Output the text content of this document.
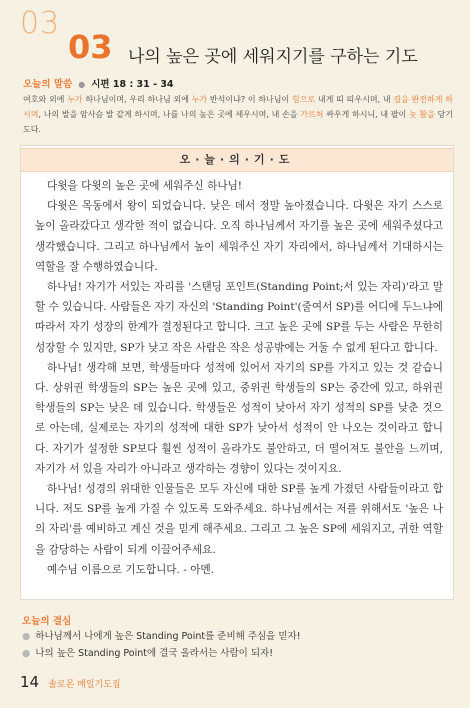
03
03 나의 높은 곳에 세워지기를 구하는 기도
오늘의 말씀 ● 시편 18 : 31 - 34
여호와 외에 누가 하나님이며, 우리 하나님 외에 누가 반석이냐? 이 하나님이 힘으로 내게 띠 띠우시며, 내 길을 완전하게 하시며, 나의 발을 암사슴 발 같게 하시며, 나를 나의 높은 곳에 세우시며, 내 손을 가르쳐 싸우게 하시니, 내 팔이 놋 활을 당기도다.
오·늘·의·기·도

다윗을 다윗의 높은 곳에 세워주신 하나님!

다윗은 목동에서 왕이 되었습니다. 낮은 데서 정말 높아졌습니다. 다윗은 자기 스스로 높이 올라갔다고 생각한 적이 없습니다. 오직 하나님께서 자기를 높은 곳에 세워주셨다고 생각했습니다. 그리고 하나님께서 높이 세워주신 자기 자리에서, 하나님께서 기대하시는 역할을 잘 수행하였습니다.

하나님! 자기가 서있는 자리를 '스탠딩 포인트(Standing Point;서 있는 자리)'라고 말할 수 있습니다. 사람들은 자기 자신의 'Standing Point'(줄여서 SP)를 어디에 두느냐에 따라서 자기 성장의 한계가 결정된다고 합니다. 크고 높은 곳에 SP를 두는 사람은 무한히 성장할 수 있지만, SP가 낮고 작은 사람은 작은 성공밖에는 거둘 수 없게 된다고 합니다.

하나님! 생각해 보면, 학생들마다 성적에 있어서 자기의 SP를 가지고 있는 것 같습니다. 상위권 학생들의 SP는 높은 곳에 있고, 중위권 학생들의 SP는 중간에 있고, 하위권 학생들의 SP는 낮은 데 있습니다. 학생들은 성적이 낮아서 자기 성적의 SP를 낮춘 것으로 아는데, 실제로는 자기의 성적에 대한 SP가 낮아서 성적이 안 나오는 것이라고 합니다. 자기가 설정한 SP보다 훨씬 성적이 올라가도 불안하고, 더 떨어져도 불안을 느끼며, 자기가 서 있을 자리가 아니라고 생각하는 경향이 있다는 것이지요.

하나님! 성경의 위대한 인물들은 모두 자신에 대한 SP를 높게 가졌던 사람들이라고 합니다. 저도 SP를 높게 가질 수 있도록 도와주세요. 하나님께서는 저를 위해서도 '높은 나의 자리'를 예비하고 계신 것을 믿게 해주세요. 그리고 그 높은 SP에 세워지고, 귀한 역할을 감당하는 사람이 되게 이끌어주세요.

예수님 이름으로 기도합니다. - 아멘.

오늘의 결심
● 하나님께서 나에게 높은 Standing Point를 준비해 주심을 믿자!
● 나의 높은 Standing Point에 결국 올라서는 사람이 되자!
14 솔로몬 매일기도집
